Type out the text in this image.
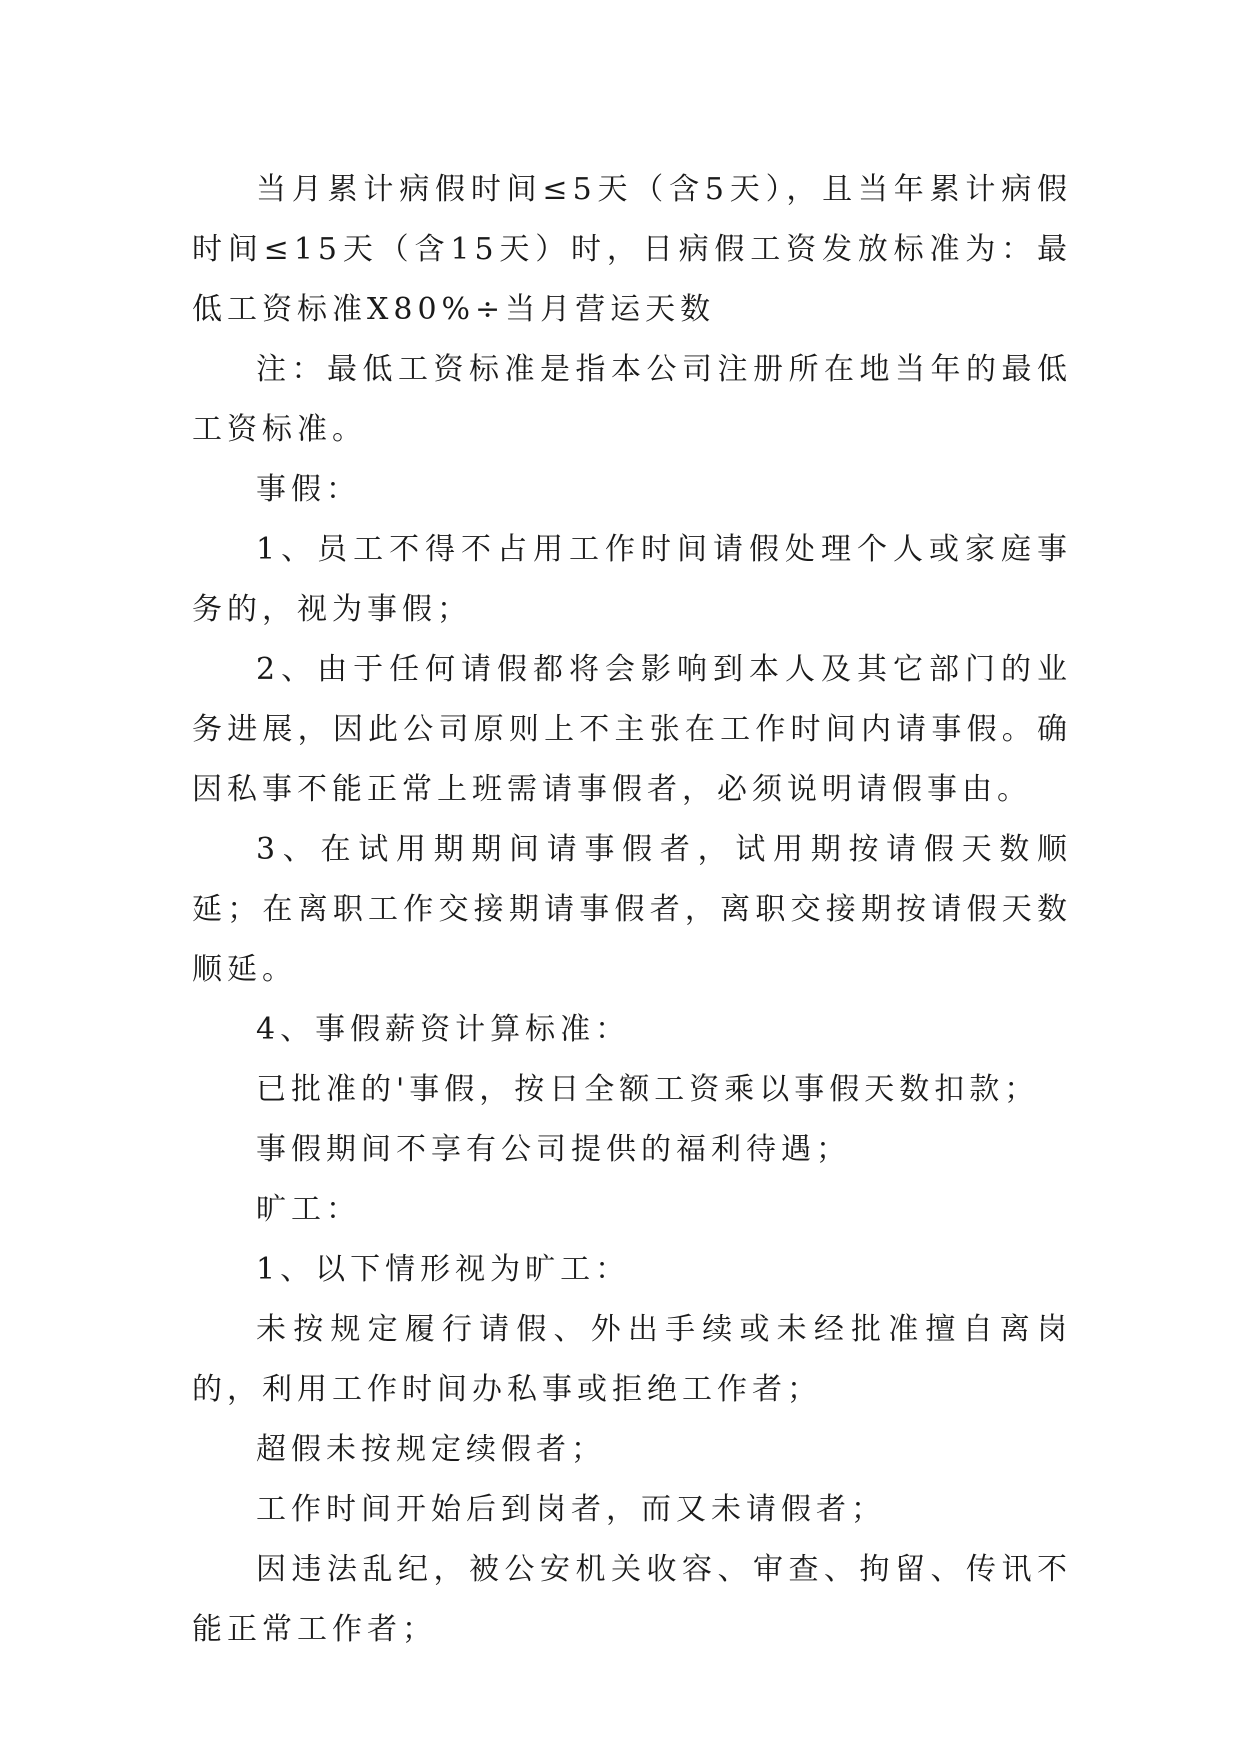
当月累计病假时间≤5天（含5天），且当年累计病假时间≤15天（含15天）时，日病假工资发放标准为：最低工资标准X80%÷当月营运天数

注：最低工资标准是指本公司注册所在地当年的最低工资标准。

事假：

1、员工不得不占用工作时间请假处理个人或家庭事务的，视为事假；

2、由于任何请假都将会影响到本人及其它部门的业务进展，因此公司原则上不主张在工作时间内请事假。确因私事不能正常上班需请事假者，必须说明请假事由。

3、在试用期期间请事假者，试用期按请假天数顺延；在离职工作交接期请事假者，离职交接期按请假天数顺延。

4、事假薪资计算标准：

已批准的'事假，按日全额工资乘以事假天数扣款；

事假期间不享有公司提供的福利待遇；

旷工：

1、以下情形视为旷工：

未按规定履行请假、外出手续或未经批准擅自离岗的，利用工作时间办私事或拒绝工作者；

超假未按规定续假者；

工作时间开始后到岗者，而又未请假者；

因违法乱纪，被公安机关收容、审查、拘留、传讯不能正常工作者；
